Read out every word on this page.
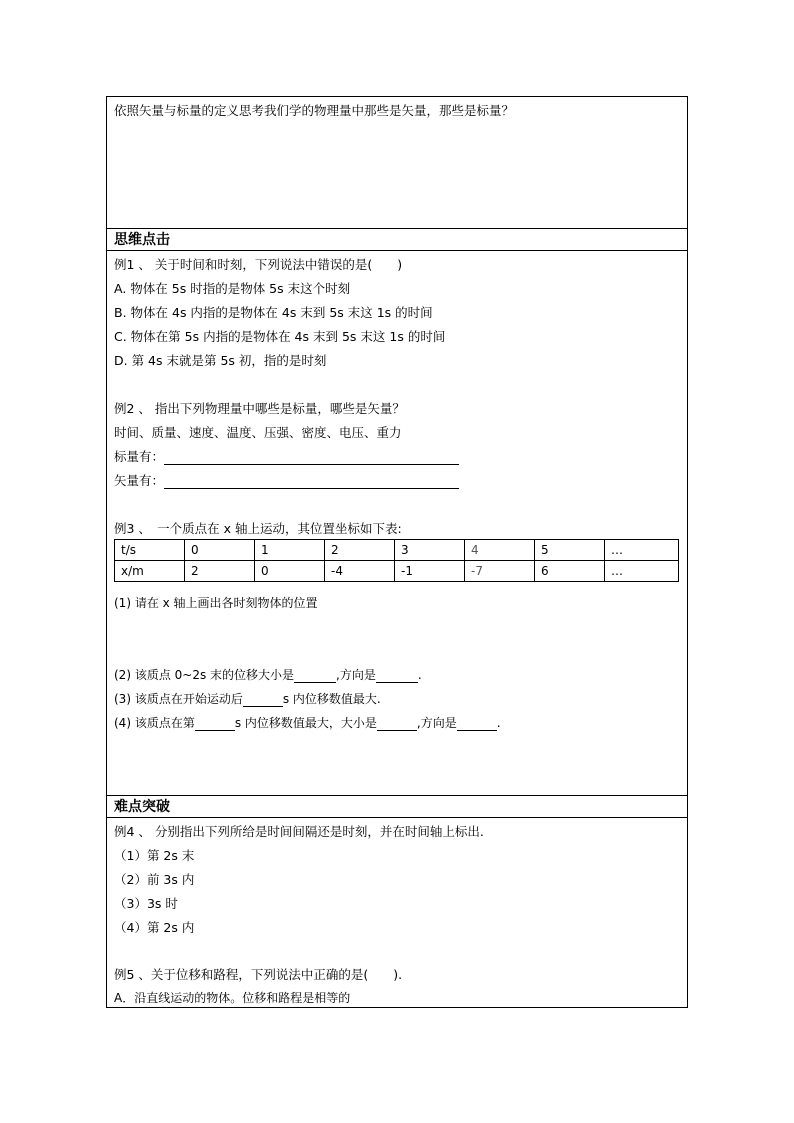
依照矢量与标量的定义思考我们学的物理量中那些是矢量，那些是标量？
思维点击
例1 、 关于时间和时刻，下列说法中错误的是(　　)
A. 物体在 5s 时指的是物体 5s 末这个时刻
B. 物体在 4s 内指的是物体在 4s 末到 5s 末这 1s 的时间
C. 物体在第 5s 内指的是物体在 4s 末到 5s 末这 1s 的时间
D. 第 4s 末就是第 5s 初，指的是时刻
例2 、 指出下列物理量中哪些是标量，哪些是矢量？
时间、质量、速度、温度、压强、密度、电压、重力
标量有：
矢量有：
例3 、　一个质点在 x 轴上运动，其位置坐标如下表:
t/s	0	1	2	3	4	5	…
x/m	2	0	-4	-1	-7	6	…
(1) 请在 x 轴上画出各时刻物体的位置
(2) 该质点 0~2s 末的位移大小是	,方向是	.
(3) 该质点在开始运动后	s 内位移数值最大.
(4) 该质点在第	s 内位移数值最大，大小是	,方向是	.
难点突破
例4 、 分别指出下列所给是时间间隔还是时刻，并在时间轴上标出.
（1）第 2s 末
（2）前 3s 内
（3）3s 时
（4）第 2s 内
例5 、关于位移和路程，下列说法中正确的是(　　).
A．沿直线运动的物体。位移和路程是相等的
